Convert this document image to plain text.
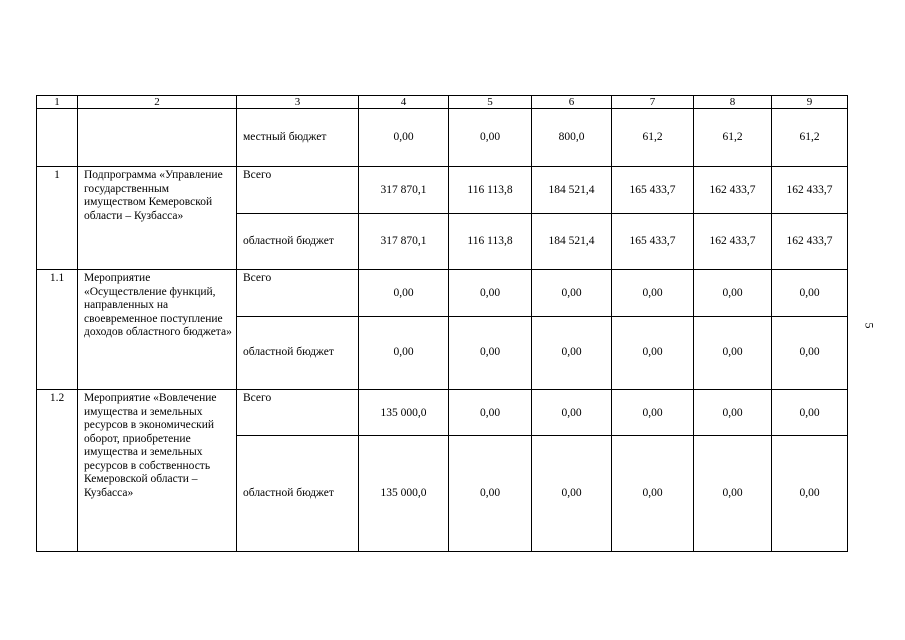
5
1	2	3	4	5	6	7	8	9
		местный бюджет	0,00	0,00	800,0	61,2	61,2	61,2
1	Подпрограмма «Управление государственным имуществом Кемеровской области – Кузбасса»	Всего	317 870,1	116 113,8	184 521,4	165 433,7	162 433,7	162 433,7
		областной бюджет	317 870,1	116 113,8	184 521,4	165 433,7	162 433,7	162 433,7
1.1	Мероприятие «Осуществление функций, направленных на своевременное поступление доходов областного бюджета»	Всего	0,00	0,00	0,00	0,00	0,00	0,00
		областной бюджет	0,00	0,00	0,00	0,00	0,00	0,00
1.2	Мероприятие «Вовлечение имущества и земельных ресурсов в экономический оборот, приобретение имущества и земельных ресурсов в собственность Кемеровской области – Кузбасса»	Всего	135 000,0	0,00	0,00	0,00	0,00	0,00
		областной бюджет	135 000,0	0,00	0,00	0,00	0,00	0,00
